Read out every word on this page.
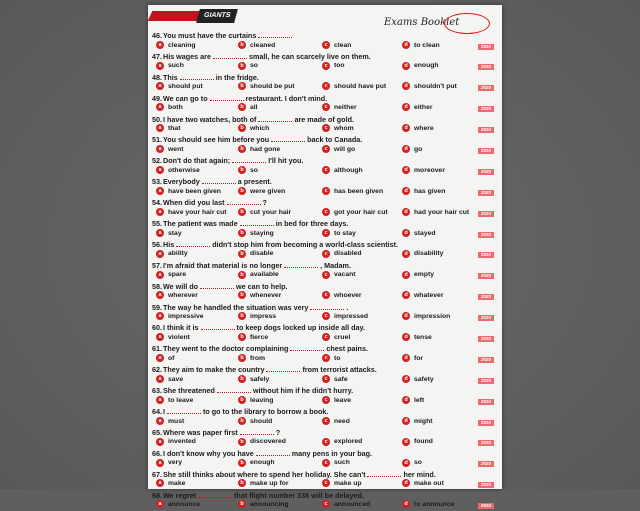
GIANTS
Exams Booklet
46.You must have the curtains
a cleaning	b cleaned	c clean	d to clean	2020
47.His wages are	small, he can scarcely live on them.
a such	b so	c too	d enough	2020
48.This	in the fridge.
a should put	b should be put	c should have put	d shouldn't put	2020
49.We can go to	restaurant. I don't mind.
a both	b all	c neither	d either	2020
50.I have two watches, both of	are made of gold.
a that	b which	c whom	d where	2020
51.You should see him before you	back to Canada.
a went	b had gone	c will go	d go	2020
52.Don't do that again;	I'll hit you.
a otherwise	b so	c although	d moreover	2020
53.Everybody	a present.
a have been given	b were given	c has been given	d has given	2020
54.When did you last	?
a have your hair cut	b cut your hair	c got your hair cut	d had your hair cut	2020
55.The patient was made	in bed for three days.
a stay	b staying	c to stay	d stayed	2020
56.His	didn't stop him from becoming a world-class scientist.
a ability	b disable	c disabled	d disability	2020
57.I'm afraid that material is no longer	, Madam.
a spare	b available	c vacant	d empty	2020
58.We will do	we can to help.
a wherever	b whenever	c whoever	d whatever	2020
59.The way he handled the situation was very	.
a impressive	b impress	c impressed	d impression	2020
60.I think it is	to keep dogs locked up inside all day.
a violent	b fierce	c cruel	d tense	2020
61.They went to the doctor complaining	chest pains.
a of	b from	c to	d for	2020
62.They aim to make the country	from terrorist attacks.
a save	b safely	c safe	d safety	2020
63.She threatened	without him if he didn't hurry.
a to leave	b leaving	c leave	d left	2020
64.I	to go to the library to borrow a book.
a must	b should	c need	d might	2020
65.Where was paper first	?
a invented	b discovered	c explored	d found	2020
66.I don't know why you have	many pens in your bag.
a very	b enough	c such	d so	2020
67.She still thinks about where to spend her holiday. She can't	her mind.
a make	b make up for	c make up	d make out	2020
68.We regret	that flight number 338 will be delayed.
a announce	b announcing	c announced	d to announce	2020
